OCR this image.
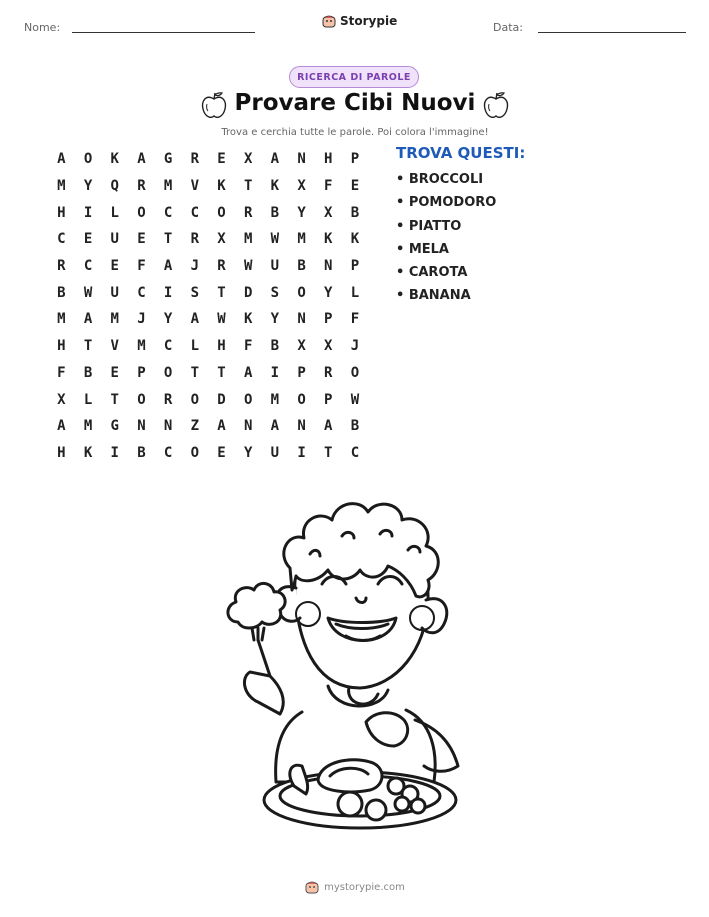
Nome:	Storypie	Data:
RICERCA DI PAROLE
Provare Cibi Nuovi
Trova e cerchia tutte le parole. Poi colora l'immagine!
A	O	K	A	G	R	E	X	A	N	H	P
M	Y	Q	R	M	V	K	T	K	X	F	E
H	I	L	O	C	C	O	R	B	Y	X	B
C	E	U	E	T	R	X	M	W	M	K	K
R	C	E	F	A	J	R	W	U	B	N	P
B	W	U	C	I	S	T	D	S	O	Y	L
M	A	M	J	Y	A	W	K	Y	N	P	F
H	T	V	M	C	L	H	F	B	X	X	J
F	B	E	P	O	T	T	A	I	P	R	O
X	L	T	O	R	O	D	O	M	O	P	W
A	M	G	N	N	Z	A	N	A	N	A	B
H	K	I	B	C	O	E	Y	U	I	T	C
TROVA QUESTI:
• BROCCOLI
• POMODORO
• PIATTO
• MELA
• CAROTA
• BANANA
mystorypie.com
